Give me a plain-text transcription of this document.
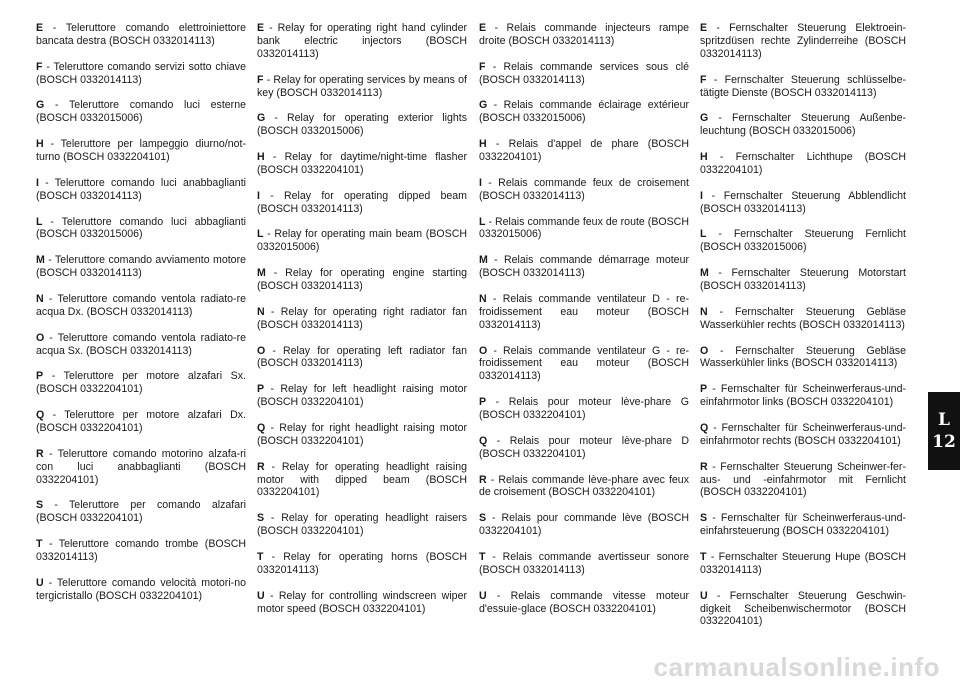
E - Teleruttore comando elettroiniettore bancata destra (BOSCH 0332014113)
F - Teleruttore comando servizi sotto chiave (BOSCH 0332014113)
G - Teleruttore comando luci esterne (BOSCH 0332015006)
H - Teleruttore per lampeggio diurno/not-turno (BOSCH 0332204101)
I - Teleruttore comando luci anabbaglianti (BOSCH 0332014113)
L - Teleruttore comando luci abbaglianti (BOSCH 0332015006)
M - Teleruttore comando avviamento motore (BOSCH 0332014113)
N - Teleruttore comando ventola radiato-re acqua Dx. (BOSCH 0332014113)
O - Teleruttore comando ventola radiato-re acqua Sx. (BOSCH 0332014113)
P - Teleruttore per motore alzafari Sx. (BOSCH 0332204101)
Q - Teleruttore per motore alzafari Dx. (BOSCH 0332204101)
R - Teleruttore comando motorino alzafa-ri con luci anabbaglianti (BOSCH 0332204101)
S - Teleruttore per comando alzafari (BOSCH 0332204101)
T - Teleruttore comando trombe (BOSCH 0332014113)
U - Teleruttore comando velocità motori-no tergicristallo (BOSCH 0332204101)
E - Relay for operating right hand cylinder bank electric injectors (BOSCH 0332014113)
F - Relay for operating services by means of key (BOSCH 0332014113)
G - Relay for operating exterior lights (BOSCH 0332015006)
H - Relay for daytime/night-time flasher (BOSCH 0332204101)
I - Relay for operating dipped beam (BOSCH 0332014113)
L - Relay for operating main beam (BOSCH 0332015006)
M - Relay for operating engine starting (BOSCH 0332014113)
N - Relay for operating right radiator fan (BOSCH 0332014113)
O - Relay for operating left radiator fan (BOSCH 0332014113)
P - Relay for left headlight raising motor (BOSCH 0332204101)
Q - Relay for right headlight raising motor (BOSCH 0332204101)
R - Relay for operating headlight raising motor with dipped beam (BOSCH 0332204101)
S - Relay for operating headlight raisers (BOSCH 0332204101)
T - Relay for operating horns (BOSCH 0332014113)
U - Relay for controlling windscreen wiper motor speed (BOSCH 0332204101)
E - Relais commande injecteurs rampe droite (BOSCH 0332014113)
F - Relais commande services sous clé (BOSCH 0332014113)
G - Relais commande éclairage extérieur (BOSCH 0332015006)
H - Relais d'appel de phare (BOSCH 0332204101)
I - Relais commande feux de croisement (BOSCH 0332014113)
L - Relais commande feux de route (BOSCH 0332015006)
M - Relais commande démarrage moteur (BOSCH 0332014113)
N - Relais commande ventilateur D - re-froidissement eau moteur (BOSCH 0332014113)
O - Relais commande ventilateur G - re-froidissement eau moteur (BOSCH 0332014113)
P - Relais pour moteur lève-phare G (BOSCH 0332204101)
Q - Relais pour moteur lève-phare D (BOSCH 0332204101)
R - Relais commande lève-phare avec feux de croisement (BOSCH 0332204101)
S - Relais pour commande lève (BOSCH 0332204101)
T - Relais commande avertisseur sonore (BOSCH 0332014113)
U - Relais commande vitesse moteur d'essuie-glace (BOSCH 0332204101)
E - Fernschalter Steuerung Elektroein-spritzdüsen rechte Zylinderreihe (BOSCH 0332014113)
F - Fernschalter Steuerung schlüsselbe-tätigte Dienste (BOSCH 0332014113)
G - Fernschalter Steuerung Außenbe-leuchtung (BOSCH 0332015006)
H - Fernschalter Lichthupe (BOSCH 0332204101)
I - Fernschalter Steuerung Abblendlicht (BOSCH 0332014113)
L - Fernschalter Steuerung Fernlicht (BOSCH 0332015006)
M - Fernschalter Steuerung Motorstart (BOSCH 0332014113)
N - Fernschalter Steuerung Gebläse Wasserkühler rechts (BOSCH 0332014113)
O - Fernschalter Steuerung Gebläse Wasserkühler links (BOSCH 0332014113)
P - Fernschalter für Scheinwerferaus-und-einfahrmotor links (BOSCH 0332204101)
Q - Fernschalter für Scheinwerferaus-und-einfahrmotor rechts (BOSCH 0332204101)
R - Fernschalter Steuerung Scheinwer-fer-aus- und -einfahrmotor mit Fernlicht (BOSCH 0332204101)
S - Fernschalter für Scheinwerferaus-und-einfahrsteuerung (BOSCH 0332204101)
T - Fernschalter Steuerung Hupe (BOSCH 0332014113)
U - Fernschalter Steuerung Geschwin-digkeit Scheibenwischermotor (BOSCH 0332204101)
L
12
carmanualsonline.info
